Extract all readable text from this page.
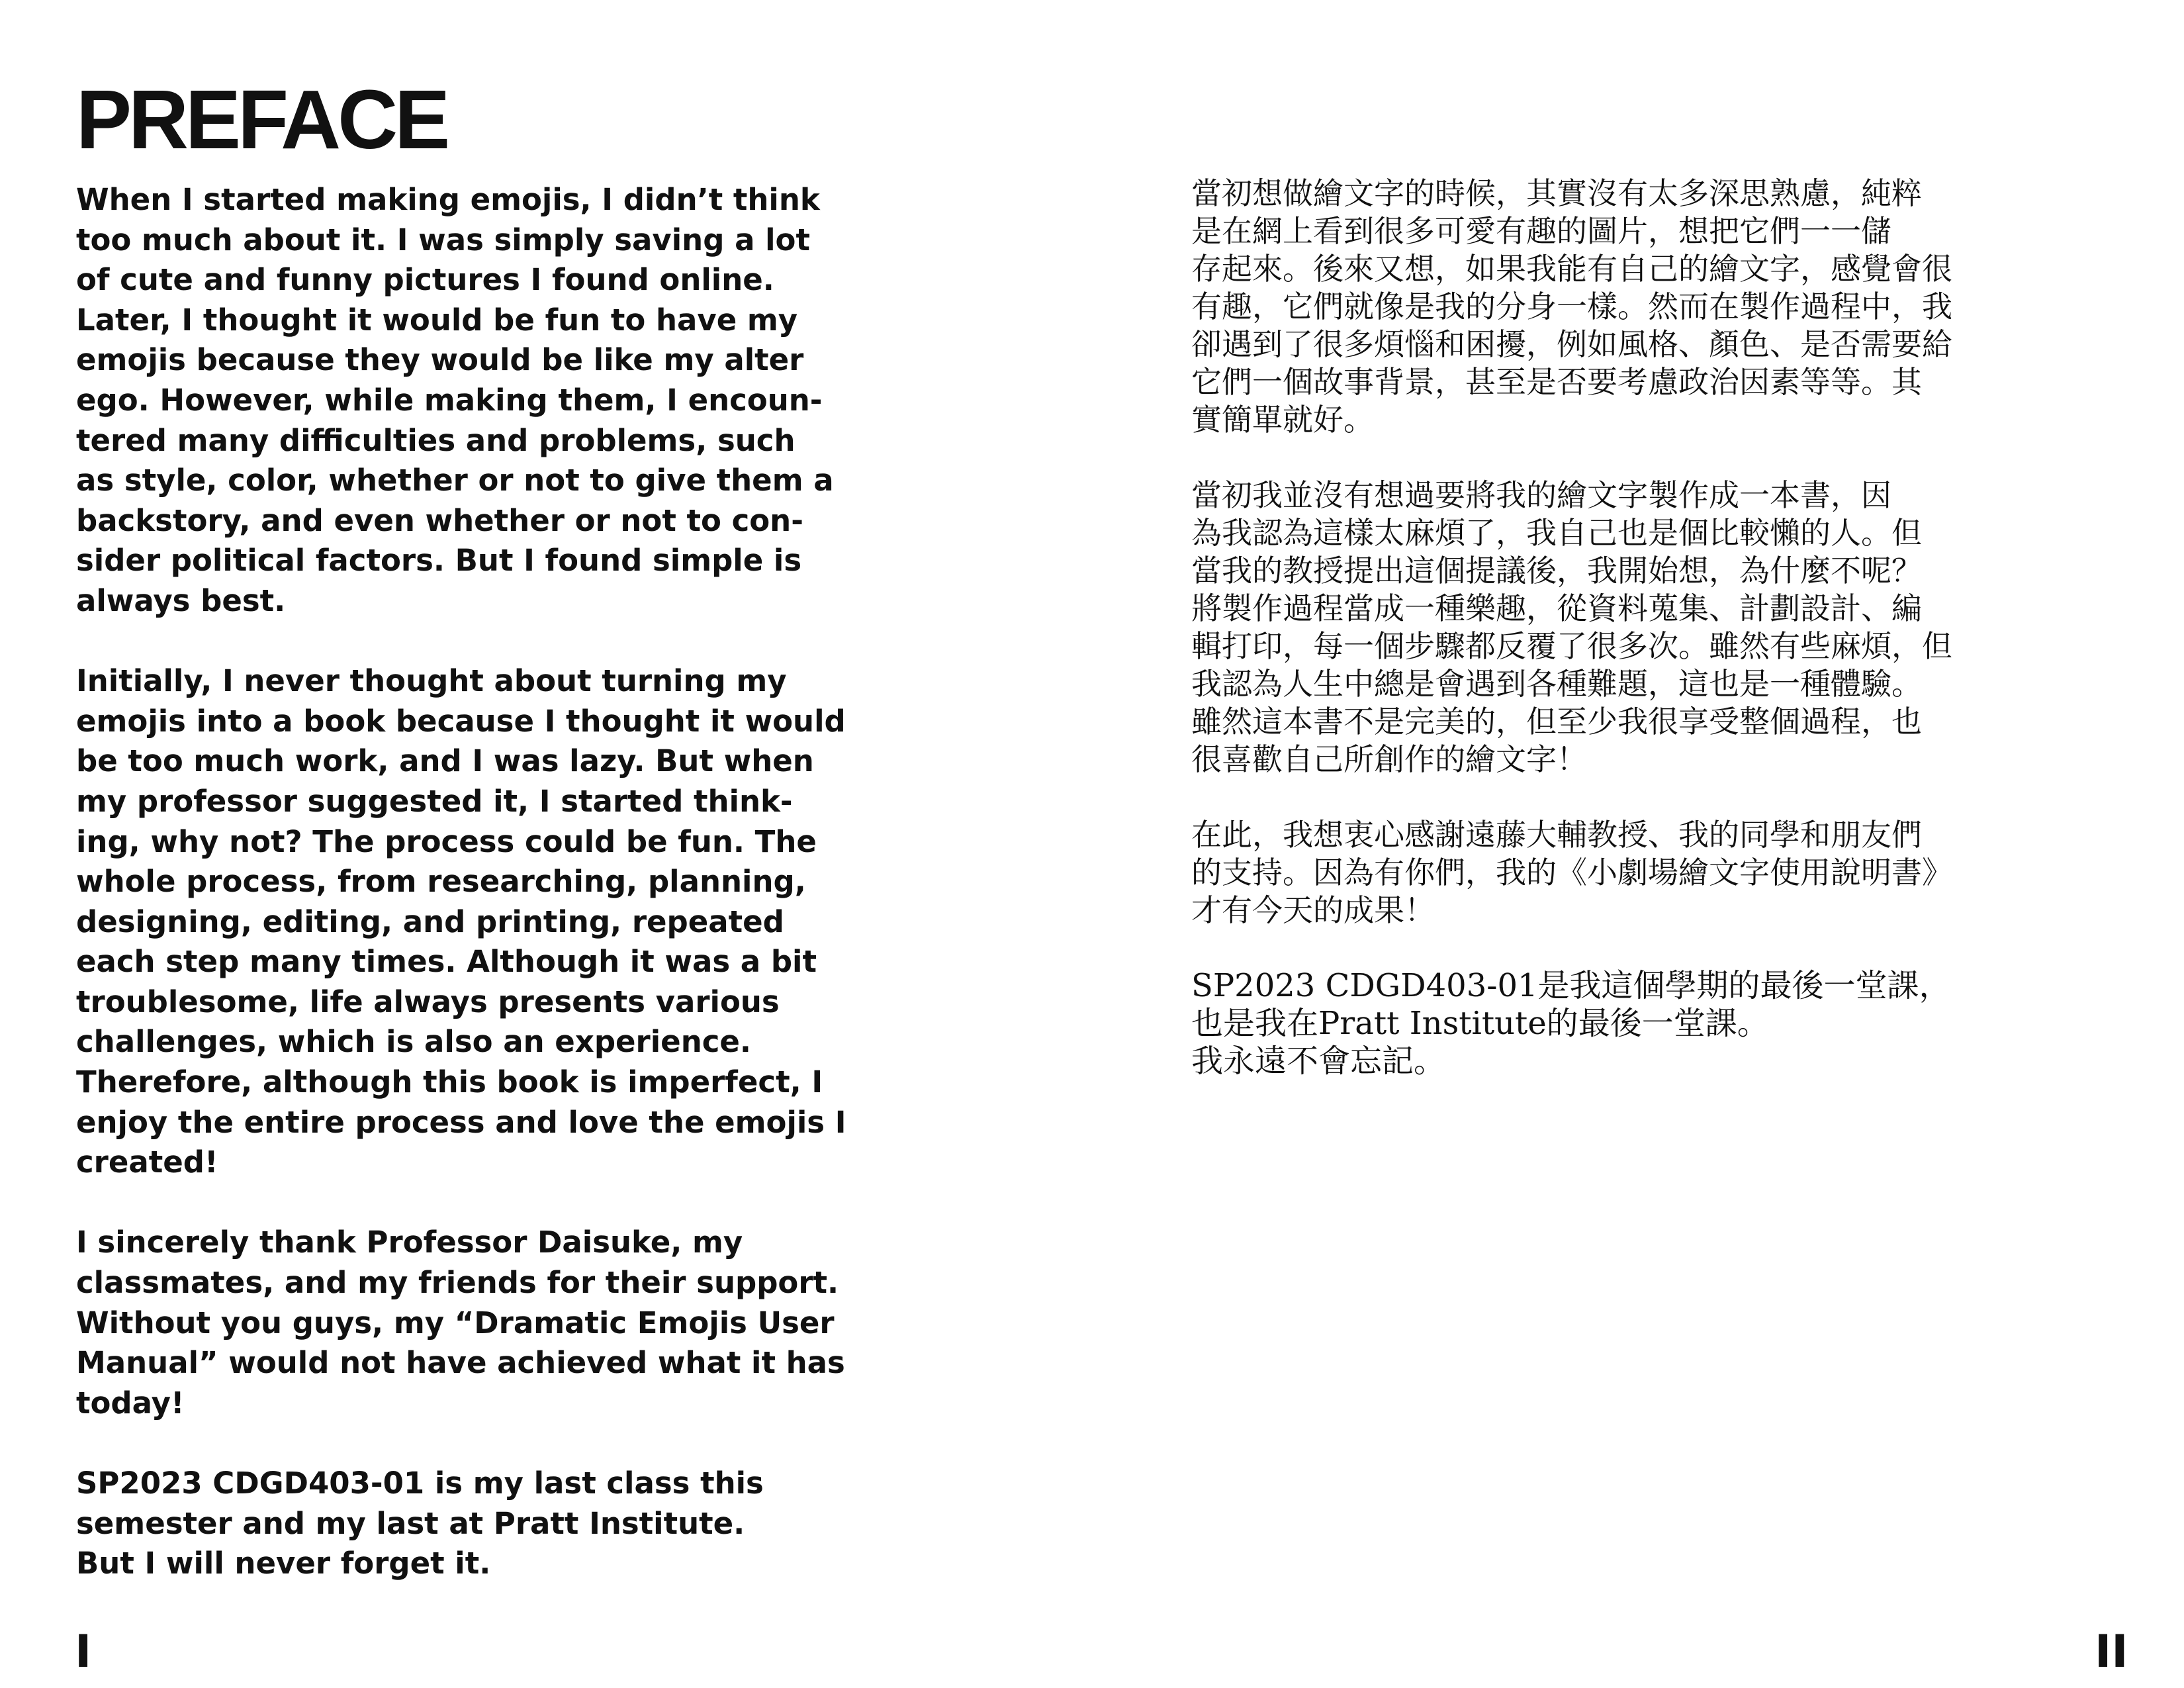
PREFACE

When I started making emojis, I didn’t think
too much about it. I was simply saving a lot
of cute and funny pictures I found online.
Later, I thought it would be fun to have my
emojis because they would be like my alter
ego. However, while making them, I encoun-
tered many difficulties and problems, such
as style, color, whether or not to give them a
backstory, and even whether or not to con-
sider political factors. But I found simple is
always best.

Initially, I never thought about turning my
emojis into a book because I thought it would
be too much work, and I was lazy. But when
my professor suggested it, I started think-
ing, why not? The process could be fun. The
whole process, from researching, planning,
designing, editing, and printing, repeated
each step many times. Although it was a bit
troublesome, life always presents various
challenges, which is also an experience.
Therefore, although this book is imperfect, I
enjoy the entire process and love the emojis I
created!

I sincerely thank Professor Daisuke, my
classmates, and my friends for their support.
Without you guys, my “Dramatic Emojis User
Manual” would not have achieved what it has
today!

SP2023 CDGD403-01 is my last class this
semester and my last at Pratt Institute.
But I will never forget it.

當初想做繪文字的時候，其實沒有太多深思熟慮，純粹
是在網上看到很多可愛有趣的圖片，想把它們一一儲
存起來。後來又想，如果我能有自己的繪文字，感覺會很
有趣，它們就像是我的分身一樣。然而在製作過程中，我
卻遇到了很多煩惱和困擾，例如風格、顏色、是否需要給
它們一個故事背景，甚至是否要考慮政治因素等等。其
實簡單就好。

當初我並沒有想過要將我的繪文字製作成一本書，因
為我認為這樣太麻煩了，我自己也是個比較懶的人。但
當我的教授提出這個提議後，我開始想，為什麼不呢？
將製作過程當成一種樂趣，從資料蒐集、計劃設計、編
輯打印，每一個步驟都反覆了很多次。雖然有些麻煩，但
我認為人生中總是會遇到各種難題，這也是一種體驗。
雖然這本書不是完美的，但至少我很享受整個過程，也
很喜歡自己所創作的繪文字！

在此，我想衷心感謝遠藤大輔教授、我的同學和朋友們
的支持。因為有你們，我的《小劇場繪文字使用說明書》
才有今天的成果！

SP2023 CDGD403-01是我這個學期的最後一堂課，
也是我在Pratt Institute的最後一堂課。
我永遠不會忘記。

I	II
